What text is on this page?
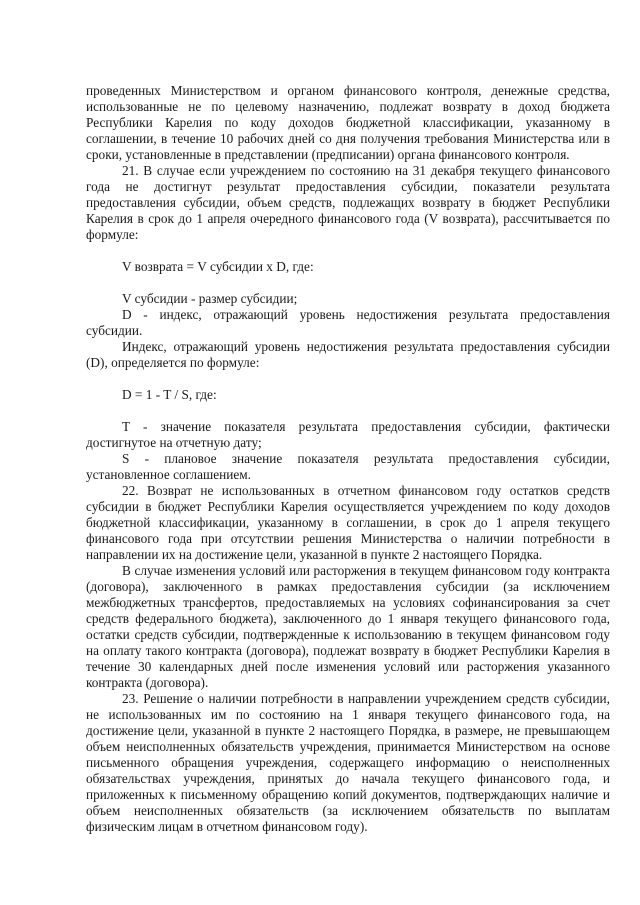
проведенных Министерством и органом финансового контроля, денежные средства, использованные не по целевому назначению, подлежат возврату в доход бюджета Республики Карелия по коду доходов бюджетной классификации, указанному в соглашении, в течение 10 рабочих дней со дня получения требования Министерства или в сроки, установленные в представлении (предписании) органа финансового контроля.

21. В случае если учреждением по состоянию на 31 декабря текущего финансового года не достигнут результат предоставления субсидии, показатели результата предоставления субсидии, объем средств, подлежащих возврату в бюджет Республики Карелия в срок до 1 апреля очередного финансового года (V возврата), рассчитывается по формуле:

V возврата = V субсидии x D, где:

V субсидии - размер субсидии;

D - индекс, отражающий уровень недостижения результата предоставления субсидии.

Индекс, отражающий уровень недостижения результата предоставления субсидии (D), определяется по формуле:

D = 1 - T / S, где:

T - значение показателя результата предоставления субсидии, фактически достигнутое на отчетную дату;

S - плановое значение показателя результата предоставления субсидии, установленное соглашением.

22. Возврат не использованных в отчетном финансовом году остатков средств субсидии в бюджет Республики Карелия осуществляется учреждением по коду доходов бюджетной классификации, указанному в соглашении, в срок до 1 апреля текущего финансового года при отсутствии решения Министерства о наличии потребности в направлении их на достижение цели, указанной в пункте 2 настоящего Порядка.

В случае изменения условий или расторжения в текущем финансовом году контракта (договора), заключенного в рамках предоставления субсидии (за исключением межбюджетных трансфертов, предоставляемых на условиях софинансирования за счет средств федерального бюджета), заключенного до 1 января текущего финансового года, остатки средств субсидии, подтвержденные к использованию в текущем финансовом году на оплату такого контракта (договора), подлежат возврату в бюджет Республики Карелия в течение 30 календарных дней после изменения условий или расторжения указанного контракта (договора).

23. Решение о наличии потребности в направлении учреждением средств субсидии, не использованных им по состоянию на 1 января текущего финансового года, на достижение цели, указанной в пункте 2 настоящего Порядка, в размере, не превышающем объем неисполненных обязательств учреждения, принимается Министерством на основе письменного обращения учреждения, содержащего информацию о неисполненных обязательствах учреждения, принятых до начала текущего финансового года, и приложенных к письменному обращению копий документов, подтверждающих наличие и объем неисполненных обязательств (за исключением обязательств по выплатам физическим лицам в отчетном финансовом году).
